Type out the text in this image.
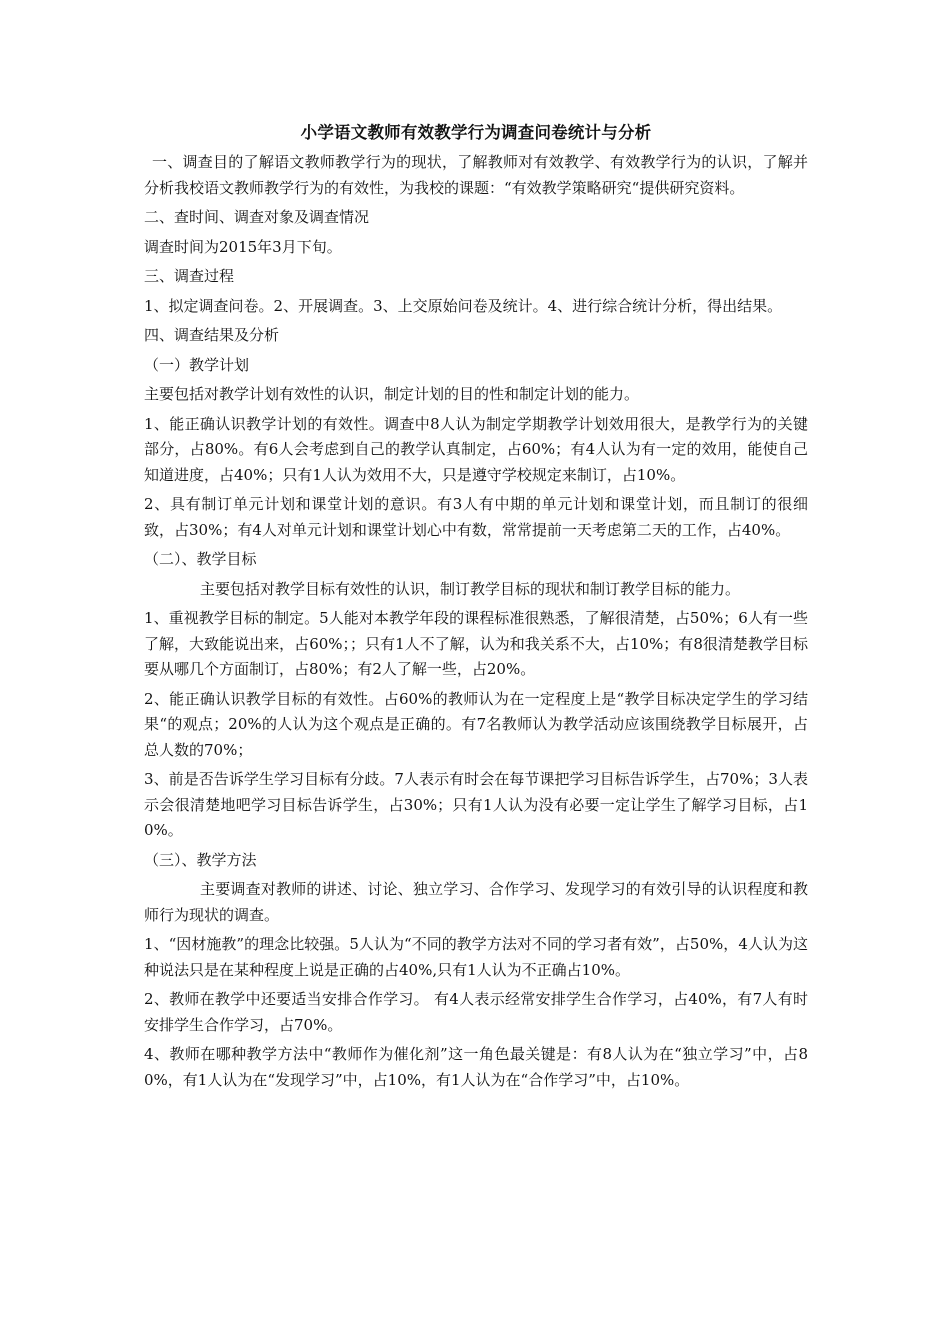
小学语文教师有效教学行为调查问卷统计与分析
一、调查目的了解语文教师教学行为的现状，了解教师对有效教学、有效教学行为的认识，了解并分析我校语文教师教学行为的有效性，为我校的课题：“有效教学策略研究“提供研究资料。
二、查时间、调查对象及调查情况
调查时间为2015年3月下旬。
三、调查过程
1、拟定调查问卷。2、开展调查。3、上交原始问卷及统计。4、进行综合统计分析，得出结果。
四、调查结果及分析
（一）教学计划
主要包括对教学计划有效性的认识，制定计划的目的性和制定计划的能力。
1、能正确认识教学计划的有效性。调查中8人认为制定学期教学计划效用很大，是教学行为的关键部分，占80%。有6人会考虑到自己的教学认真制定，占60%；有4人认为有一定的效用，能使自己知道进度，占40%；只有1人认为效用不大，只是遵守学校规定来制订，占10%。
2、具有制订单元计划和课堂计划的意识。有3人有中期的单元计划和课堂计划，而且制订的很细致，占30%；有4人对单元计划和课堂计划心中有数，常常提前一天考虑第二天的工作，占40%。
（二）、教学目标
主要包括对教学目标有效性的认识，制订教学目标的现状和制订教学目标的能力。
1、重视教学目标的制定。5人能对本教学年段的课程标准很熟悉，了解很清楚，占50%；6人有一些了解，大致能说出来，占60%；；只有1人不了解，认为和我关系不大，占10%；有8很清楚教学目标要从哪几个方面制订，占80%；有2人了解一些，占20%。
2、能正确认识教学目标的有效性。占60%的教师认为在一定程度上是“教学目标决定学生的学习结果“的观点；20%的人认为这个观点是正确的。有7名教师认为教学活动应该围绕教学目标展开，占总人数的70%；
3、前是否告诉学生学习目标有分歧。7人表示有时会在每节课把学习目标告诉学生，占70%；3人表示会很清楚地吧学习目标告诉学生，占30%；只有1人认为没有必要一定让学生了解学习目标，占10%。
（三）、教学方法
主要调查对教师的讲述、讨论、独立学习、合作学习、发现学习的有效引导的认识程度和教师行为现状的调查。
1、“因材施教”的理念比较强。5人认为“不同的教学方法对不同的学习者有效”，占50%，4人认为这种说法只是在某种程度上说是正确的占40%,只有1人认为不正确占10%。
2、教师在教学中还要适当安排合作学习。 有4人表示经常安排学生合作学习，占40%，有7人有时安排学生合作学习，占70%。
4、教师在哪种教学方法中“教师作为催化剂”这一角色最关键是：有8人认为在“独立学习”中，占80%，有1人认为在“发现学习”中，占10%，有1人认为在“合作学习”中，占10%。
